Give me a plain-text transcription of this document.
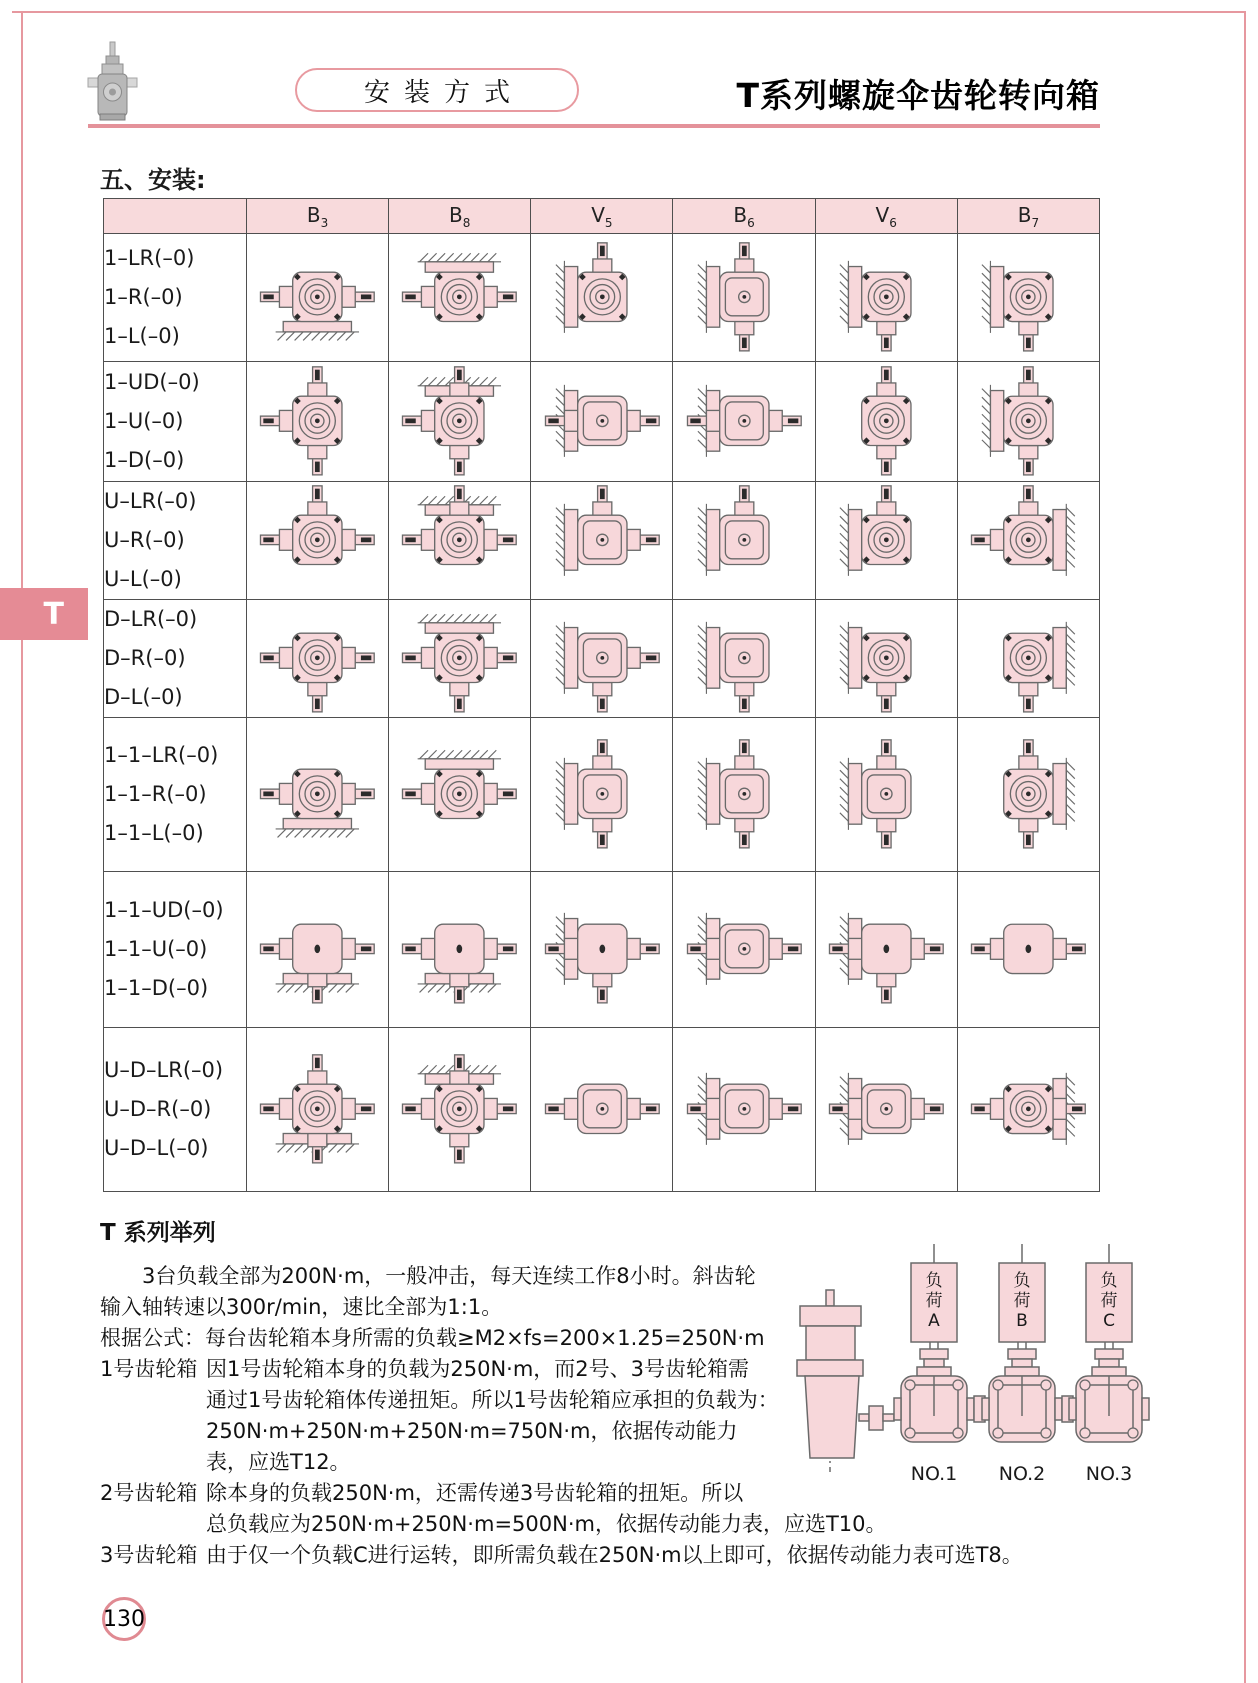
安装方式	T系列螺旋伞齿轮转向箱
五、安装:
	$B_3$	$B_8$	$V_5$	$B_6$	$V_6$	$B_7$

1–LR(–0)
1–R(–0)
1–L(–0)

1–UD(–0)
1–U(–0)
1–D(–0)

U–LR(–0)
U–R(–0)
U–L(–0)

D–LR(–0)
D–R(–0)
D–L(–0)

1–1–LR(–0)
1–1–R(–0)
1–1–L(–0)

1–1–UD(–0)
1–1–U(–0)
1–1–D(–0)

U–D–LR(–0)
U–D–R(–0)
U–D–L(–0)

T
T 系列举列

3台负载全部为200N·m，一般冲击，每天连续工作8小时。斜齿轮

输入轴转速以300r/min，速比全部为1:1。

根据公式：每台齿轮箱本身所需的负载≥M2×fs=200×1.25=250N·m

1号齿轮箱 因1号齿轮箱本身的负载为250N·m，而2号、3号齿轮箱需
通过1号齿轮箱体传递扭矩。所以1号齿轮箱应承担的负载为：
250N·m+250N·m+250N·m=750N·m，依据传动能力
表，应选T12。
2号齿轮箱 除本身的负载250N·m，还需传递3号齿轮箱的扭矩。所以
总负载应为250N·m+250N·m=500N·m，依据传动能力表，应选T10。
3号齿轮箱 由于仅一个负载C进行运转，即所需负载在250N·m以上即可，依据传动能力表可选T8。
负荷 A
NO.1
负荷 B
NO.2
负荷 C
NO.3
130
